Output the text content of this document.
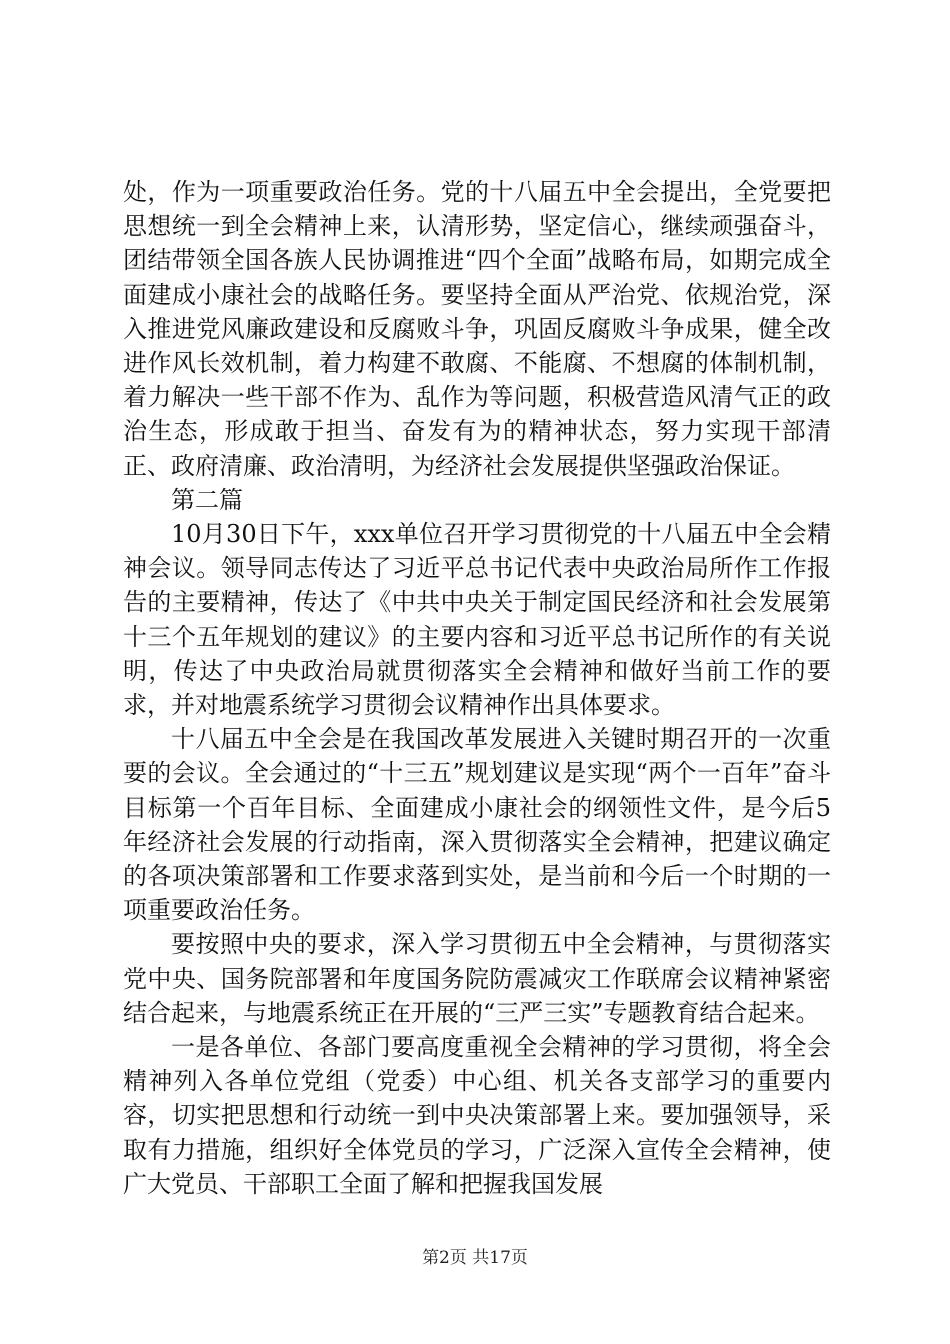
处，作为一项重要政治任务。党的十八届五中全会提出，全党要把思想统一到全会精神上来，认清形势，坚定信心，继续顽强奋斗，团结带领全国各族人民协调推进“四个全面”战略布局，如期完成全面建成小康社会的战略任务。要坚持全面从严治党、依规治党，深入推进党风廉政建设和反腐败斗争，巩固反腐败斗争成果，健全改进作风长效机制，着力构建不敢腐、不能腐、不想腐的体制机制，着力解决一些干部不作为、乱作为等问题，积极营造风清气正的政治生态，形成敢于担当、奋发有为的精神状态，努力实现干部清正、政府清廉、政治清明，为经济社会发展提供坚强政治保证。

第二篇

10月30日下午，xxx单位召开学习贯彻党的十八届五中全会精神会议。领导同志传达了习近平总书记代表中央政治局所作工作报告的主要精神，传达了《中共中央关于制定国民经济和社会发展第十三个五年规划的建议》的主要内容和习近平总书记所作的有关说明，传达了中央政治局就贯彻落实全会精神和做好当前工作的要求，并对地震系统学习贯彻会议精神作出具体要求。

十八届五中全会是在我国改革发展进入关键时期召开的一次重要的会议。全会通过的“十三五”规划建议是实现“两个一百年”奋斗目标第一个百年目标、全面建成小康社会的纲领性文件，是今后5年经济社会发展的行动指南，深入贯彻落实全会精神，把建议确定的各项决策部署和工作要求落到实处，是当前和今后一个时期的一项重要政治任务。

要按照中央的要求，深入学习贯彻五中全会精神，与贯彻落实党中央、国务院部署和年度国务院防震减灾工作联席会议精神紧密结合起来，与地震系统正在开展的“三严三实”专题教育结合起来。

一是各单位、各部门要高度重视全会精神的学习贯彻，将全会精神列入各单位党组（党委）中心组、机关各支部学习的重要内容，切实把思想和行动统一到中央决策部署上来。要加强领导，采取有力措施，组织好全体党员的学习，广泛深入宣传全会精神，使广大党员、干部职工全面了解和把握我国发展

第2页 共17页
